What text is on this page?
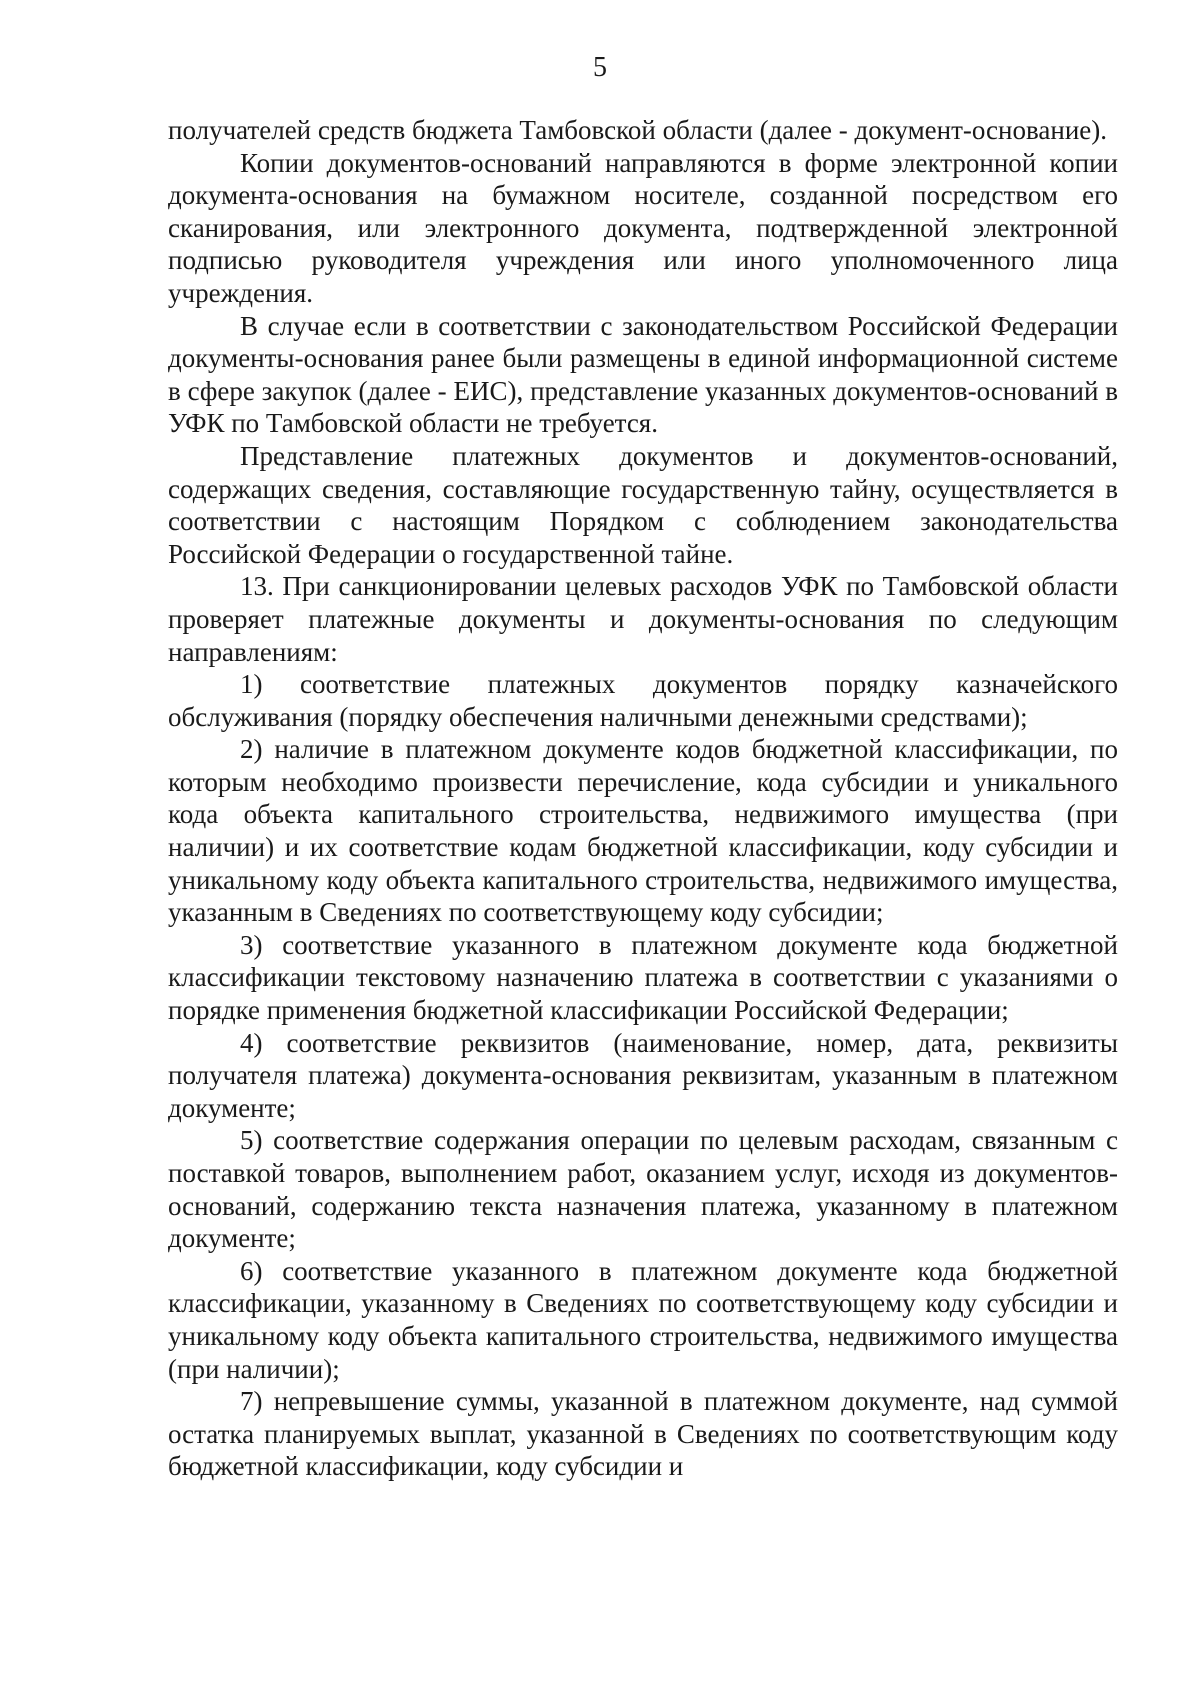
5

получателей средств бюджета Тамбовской области (далее - документ-основание).

Копии документов-оснований направляются в форме электронной копии документа-основания на бумажном носителе, созданной посредством его сканирования, или электронного документа, подтвержденной электронной подписью руководителя учреждения или иного уполномоченного лица учреждения.

В случае если в соответствии с законодательством Российской Федерации документы-основания ранее были размещены в единой информационной системе в сфере закупок (далее - ЕИС), представление указанных документов-оснований в УФК по Тамбовской области не требуется.

Представление платежных документов и документов-оснований, содержащих сведения, составляющие государственную тайну, осуществляется в соответствии с настоящим Порядком с соблюдением законодательства Российской Федерации о государственной тайне.

13. При санкционировании целевых расходов УФК по Тамбовской области проверяет платежные документы и документы-основания по следующим направлениям:

1) соответствие платежных документов порядку казначейского обслуживания (порядку обеспечения наличными денежными средствами);

2) наличие в платежном документе кодов бюджетной классификации, по которым необходимо произвести перечисление, кода субсидии и уникального кода объекта капитального строительства, недвижимого имущества (при наличии) и их соответствие кодам бюджетной классификации, коду субсидии и уникальному коду объекта капитального строительства, недвижимого имущества, указанным в Сведениях по соответствующему коду субсидии;

3) соответствие указанного в платежном документе кода бюджетной классификации текстовому назначению платежа в соответствии с указаниями о порядке применения бюджетной классификации Российской Федерации;

4) соответствие реквизитов (наименование, номер, дата, реквизиты получателя платежа) документа-основания реквизитам, указанным в платежном документе;

5) соответствие содержания операции по целевым расходам, связанным с поставкой товаров, выполнением работ, оказанием услуг, исходя из документов-оснований, содержанию текста назначения платежа, указанному в платежном документе;

6) соответствие указанного в платежном документе кода бюджетной классификации, указанному в Сведениях по соответствующему коду субсидии и уникальному коду объекта капитального строительства, недвижимого имущества (при наличии);

7) непревышение суммы, указанной в платежном документе, над суммой остатка планируемых выплат, указанной в Сведениях по соответствующим коду бюджетной классификации, коду субсидии и
